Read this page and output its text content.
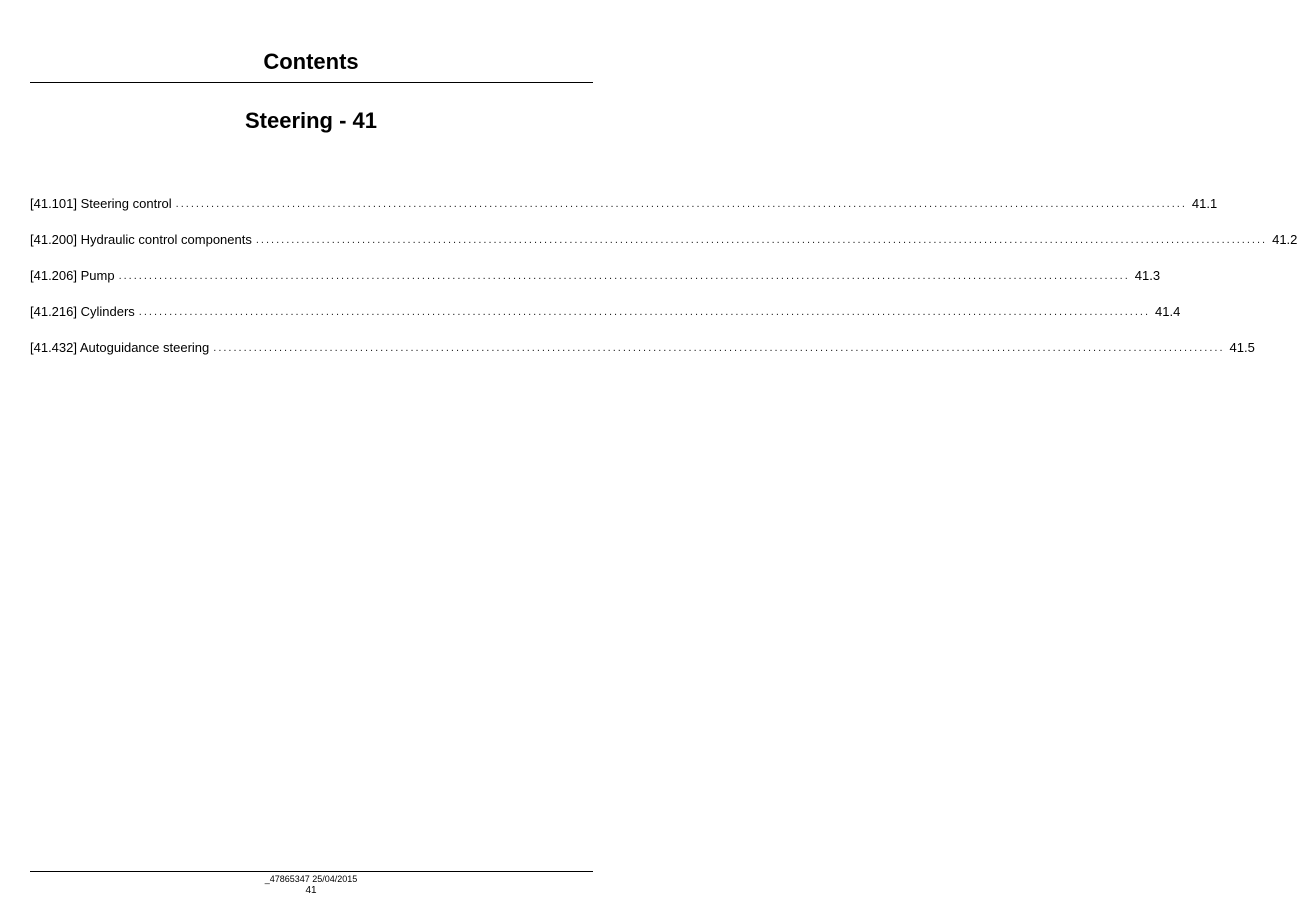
Contents
Steering - 41
[41.101] Steering control ........................................................................................................................................................................................................ 41.1
[41.200] Hydraulic control components ........................................................................................................................................................................................................ 41.2
[41.206] Pump ........................................................................................................................................................................................................ 41.3
[41.216] Cylinders ........................................................................................................................................................................................................ 41.4
[41.432] Autoguidance steering ........................................................................................................................................................................................................ 41.5
_47865347 25/04/2015
41
